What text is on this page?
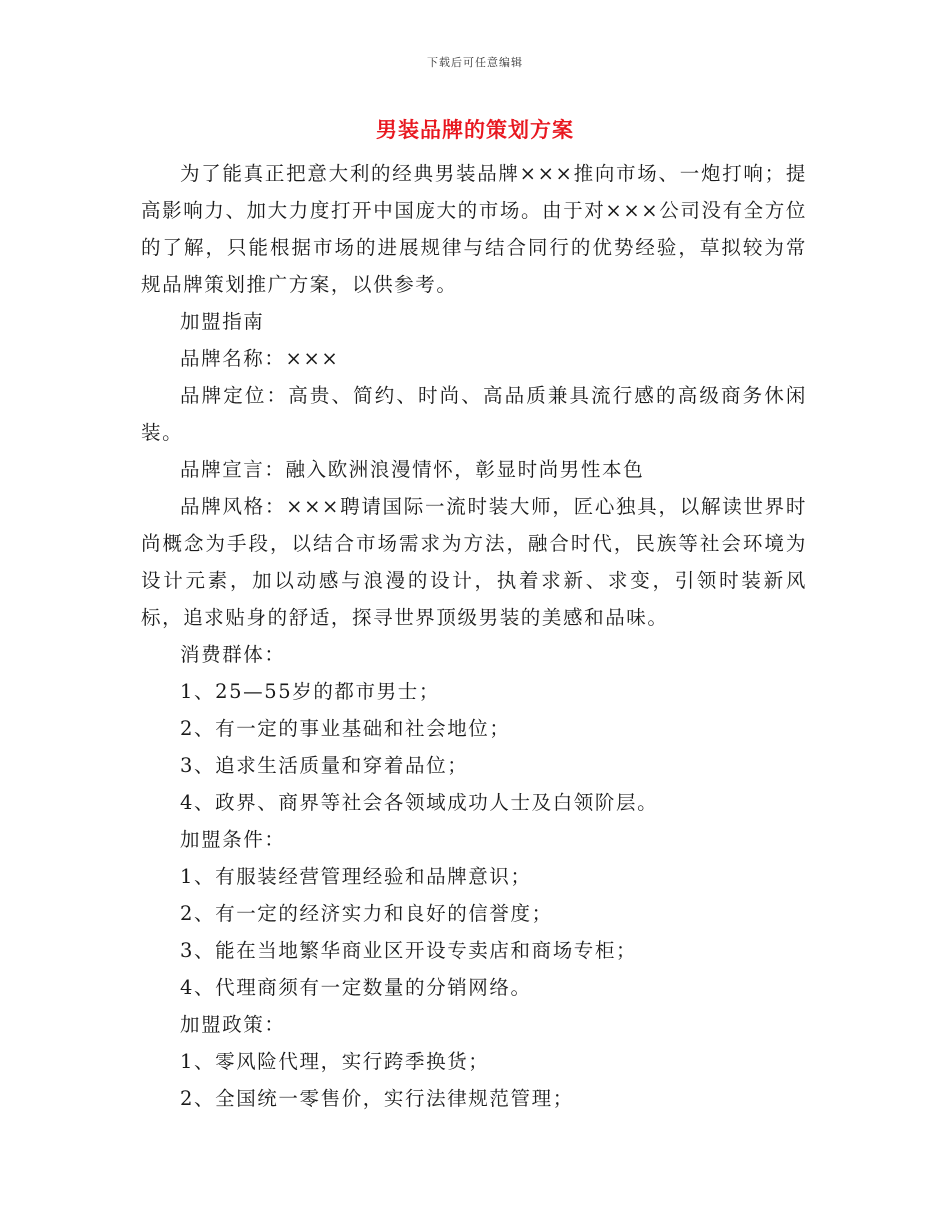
下载后可任意编辑
男装品牌的策划方案

为了能真正把意大利的经典男装品牌×××推向市场、一炮打响；提高影响力、加大力度打开中国庞大的市场。由于对×××公司没有全方位的了解，只能根据市场的进展规律与结合同行的优势经验，草拟较为常规品牌策划推广方案，以供参考。

加盟指南

品牌名称：×××

品牌定位：高贵、简约、时尚、高品质兼具流行感的高级商务休闲装。

品牌宣言：融入欧洲浪漫情怀，彰显时尚男性本色

品牌风格：×××聘请国际一流时装大师，匠心独具，以解读世界时尚概念为手段，以结合市场需求为方法，融合时代，民族等社会环境为设计元素，加以动感与浪漫的设计，执着求新、求变，引领时装新风标，追求贴身的舒适，探寻世界顶级男装的美感和品味。

消费群体：

1、25—55岁的都市男士；

2、有一定的事业基础和社会地位；

3、追求生活质量和穿着品位；

4、政界、商界等社会各领域成功人士及白领阶层。

加盟条件：

1、有服装经营管理经验和品牌意识；

2、有一定的经济实力和良好的信誉度；

3、能在当地繁华商业区开设专卖店和商场专柜；

4、代理商须有一定数量的分销网络。

加盟政策：

1、零风险代理，实行跨季换货；

2、全国统一零售价，实行法律规范管理；
